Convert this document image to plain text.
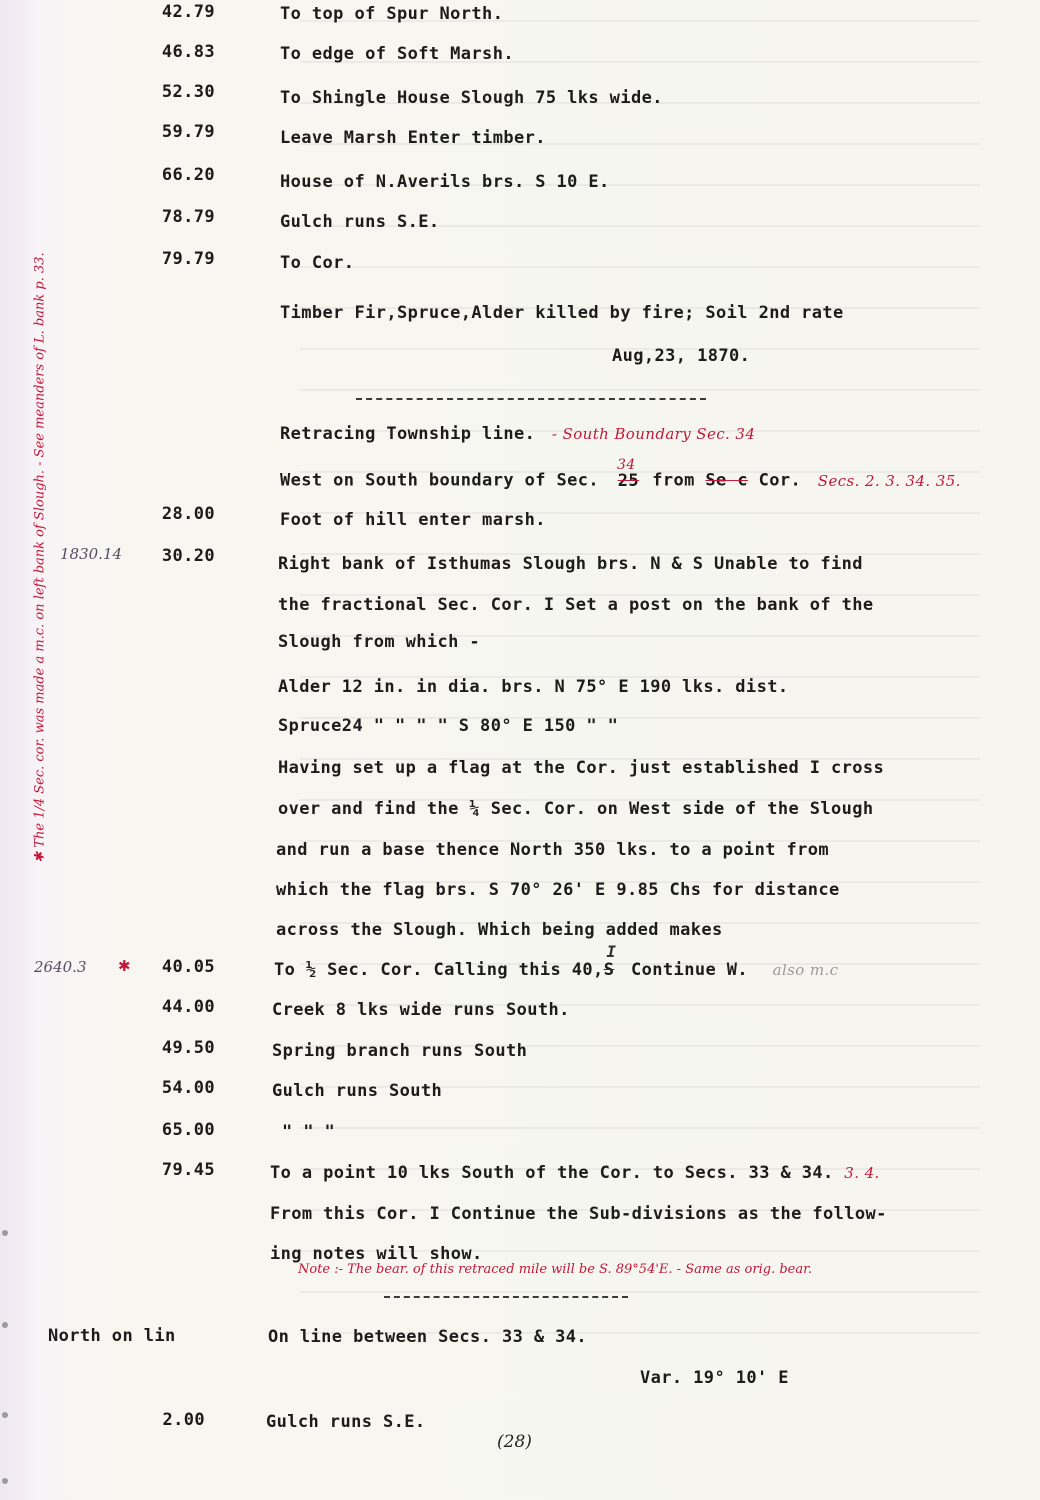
✱ The 1/4 Sec. cor. was made a m.c. on left bank of Slough. - See meanders of L. bank p. 33.
42.79	To top of Spur North.
46.83	To edge of Soft Marsh.
52.30	To Shingle House Slough 75 lks wide.
59.79	Leave Marsh Enter timber.
66.20	House of N.Averils brs. S 10 E.
78.79	Gulch runs S.E.
79.79	To Cor.
Timber Fir,Spruce,Alder killed by fire; Soil 2nd rate
Aug,23, 1870.
Retracing Township line. - South Boundary Sec. 34
West on South boundary of Sec. $25^{34}$ from Se c Cor. Secs. 2. 3. 34. 35.
28.00	Foot of hill enter marsh.
1830.14	30.20	Right bank of Isthumas Slough brs. N & S Unable to find
the fractional Sec. Cor. I Set a post on the bank of the
Slough from which -
Alder 12 in. in dia. brs. N 75° E 190 lks. dist.
Spruce24 " " " " S 80° E 150 " "
Having set up a flag at the Cor. just established I cross
over and find the ¼ Sec. Cor. on West side of the Slough
and run a base thence North 350 lks. to a point from
which the flag brs. S 70° 26' E 9.85 Chs for distance
across the Slough. Which being added makes
2640.3 ✱	40.05	To ½ Sec. Cor. Calling this 40,SI Continue W. also m.c
44.00	Creek 8 lks wide runs South.
49.50	Spring branch runs South
54.00	Gulch runs South
65.00	" " "
79.45	To a point 10 lks South of the Cor. to Secs. 33 & 34. 3. 4.
From this Cor. I Continue the Sub-divisions as the follow-
ing notes will show.
Note :- The bear. of this retraced mile will be S. 89°54'E. - Same as orig. bear.
North on lin	On line between Secs. 33 & 34.
Var. 19° 10' E
2.00	Gulch runs S.E.
(28)
